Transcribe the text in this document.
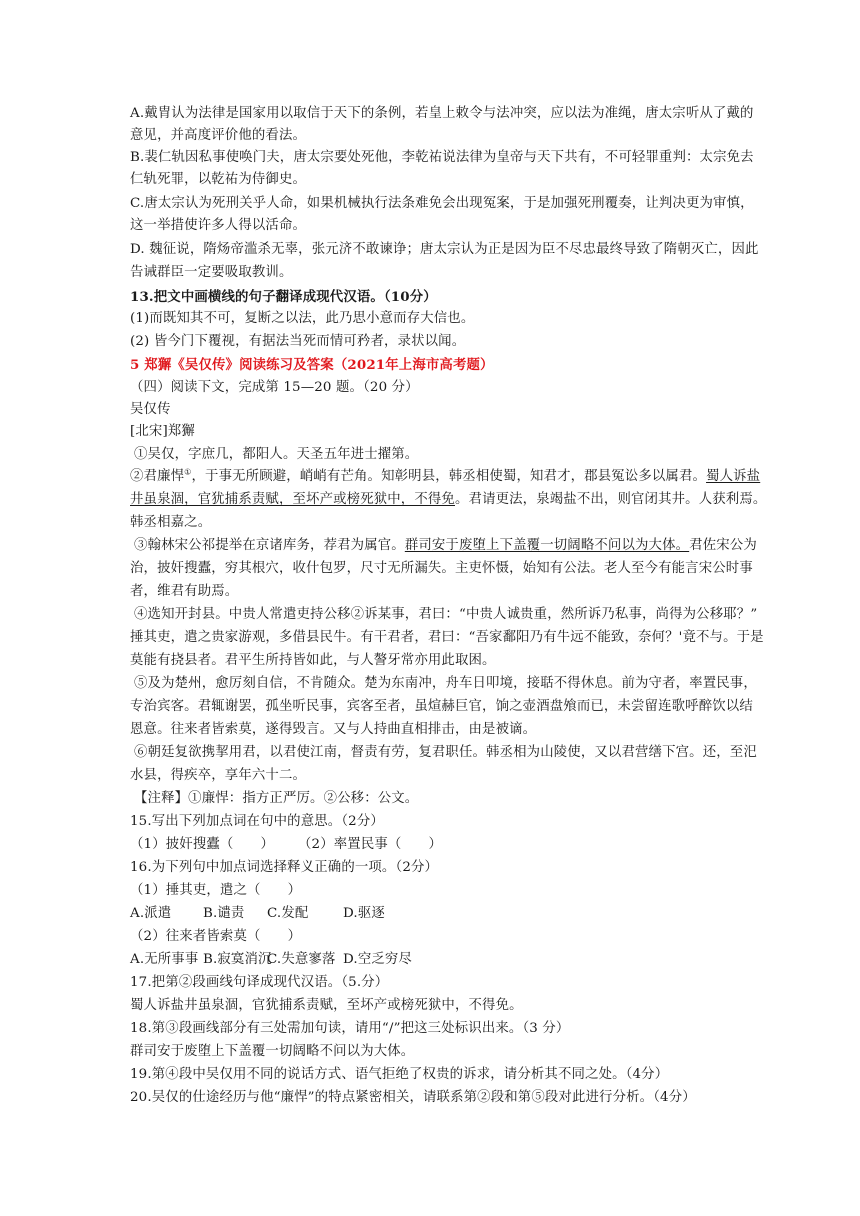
A.戴胄认为法律是国家用以取信于天下的条例，若皇上敕令与法冲突，应以法为准绳，唐太宗听从了戴的
意见，并高度评价他的看法。
B.裴仁轨因私事使唤门夫，唐太宗要处死他，李乾祐说法律为皇帝与天下共有，不可轻罪重判：太宗免去
仁轨死罪，以乾祐为侍御史。
C.唐太宗认为死刑关乎人命，如果机械执行法条难免会出现冤案，于是加强死刑覆奏，让判决更为审慎，
这一举措使许多人得以活命。
D. 魏征说，隋炀帝滥杀无辜，张元济不敢谏诤；唐太宗认为正是因为臣不尽忠最终导致了隋朝灭亡，因此
告诫群臣一定要吸取教训。
13.把文中画横线的句子翻译成现代汉语。（10分）
(1)而既知其不可，复断之以法，此乃思小意而存大信也。
(2) 皆今门下覆视，有据法当死而情可矜者，录状以闻。
5 郑獬《吴仅传》阅读练习及答案（2021年上海市高考题）
（四）阅读下文，完成第 15—20 题。（20 分）
吴仅传
[北宋]郑獬
①吴仅，字庶几，都阳人。天圣五年进士擢第。
②君廉悍①，于事无所顾避，峭峭有芒角。知彰明县，韩丞相使蜀，知君才，郡县冤讼多以属君。蜀人诉盐
井虽泉涸，官犹捕系责赋，至坏产或榜死狱中，不得免。君请更法，泉竭盐不出，则官闭其井。人获利焉。
韩丞相嘉之。
③翰林宋公祁提举在京诸库务，荐君为属官。群司安于废堕上下盖覆一切阔略不问以为大体。君佐宋公为
治，披奸搜蠹，穷其根穴，收什包罗，尺寸无所漏失。主吏怀慑，始知有公法。老人至今有能言宋公时事
者，维君有助焉。
④选知开封县。中贵人常遣吏持公移②诉某事，君曰：“中贵人诚贵重，然所诉乃私事，尚得为公移耶？”
捶其吏，遣之贵家游观，多借县民牛。有干君者，君曰：“吾家鄱阳乃有牛远不能致，奈何？'竟不与。于是
莫能有挠县者。君平生所持皆如此，与人謷牙常亦用此取困。
⑤及为楚州，愈厉刻自信，不肯随众。楚为东南冲，舟车日叩境，接聒不得休息。前为守者，率置民事，
专治宾客。君辄谢罢，孤坐听民事，宾客至者，虽煊赫巨官，饷之壶酒盘飧而已，未尝留连歌呼醉饮以结
恩意。往来者皆索莫，遂得毁言。又与人持曲直相排击，由是被谪。
⑥朝廷复欲携挈用君，以君使江南，督责有劳，复君职任。韩丞相为山陵使，又以君营缮下宫。还，至汜
水县，得疾卒，享年六十二。
【注释】①廉悍：指方正严厉。②公移：公文。
15.写出下列加点词在句中的意思。（2分）
（1）披奸搜蠹（　　） （2）率置民事（　　）
16.为下列句中加点词选择释义正确的一项。（2分）
（1）捶其吏，遣之（　　）
A.派遣 B.谴责 C.发配	D.驱逐
（2）往来者皆索莫（　　）
A.无所事事 B.寂寞消沉C.失意寥落 D.空乏穷尽
17.把第②段画线句译成现代汉语。（5.分）
蜀人诉盐井虽泉涸，官犹捕系责赋，至坏产或榜死狱中，不得免。
18.第③段画线部分有三处需加句读，请用“/”把这三处标识出来。（3 分）
群司安于废堕上下盖覆一切阔略不问以为大体。
19.第④段中吴仅用不同的说话方式、语气拒绝了权贵的诉求，请分析其不同之处。（4分）
20.吴仅的仕途经历与他“廉悍”的特点紧密相关，请联系第②段和第⑤段对此进行分析。（4分）
